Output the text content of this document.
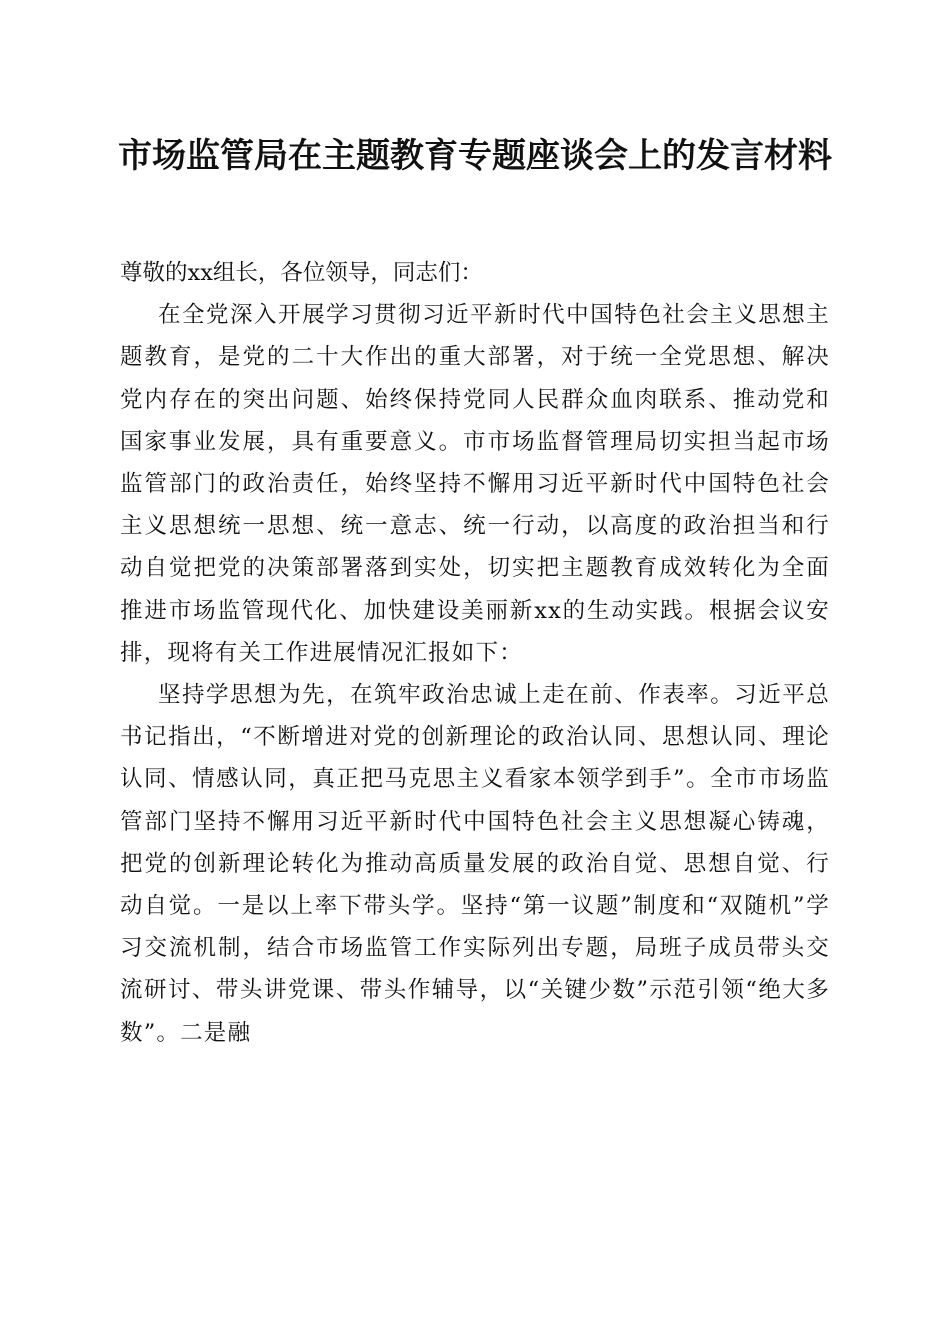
市场监管局在主题教育专题座谈会上的发言材料

尊敬的xx组长，各位领导，同志们：

在全党深入开展学习贯彻习近平新时代中国特色社会主义思想主题教育，是党的二十大作出的重大部署，对于统一全党思想、解决党内存在的突出问题、始终保持党同人民群众血肉联系、推动党和国家事业发展，具有重要意义。市市场监督管理局切实担当起市场监管部门的政治责任，始终坚持不懈用习近平新时代中国特色社会主义思想统一思想、统一意志、统一行动，以高度的政治担当和行动自觉把党的决策部署落到实处，切实把主题教育成效转化为全面推进市场监管现代化、加快建设美丽新xx的生动实践。根据会议安排，现将有关工作进展情况汇报如下：

坚持学思想为先，在筑牢政治忠诚上走在前、作表率。习近平总书记指出，“不断增进对党的创新理论的政治认同、思想认同、理论认同、情感认同，真正把马克思主义看家本领学到手”。全市市场监管部门坚持不懈用习近平新时代中国特色社会主义思想凝心铸魂，把党的创新理论转化为推动高质量发展的政治自觉、思想自觉、行动自觉。一是以上率下带头学。坚持“第一议题”制度和“双随机”学习交流机制，结合市场监管工作实际列出专题，局班子成员带头交流研讨、带头讲党课、带头作辅导，以“关键少数”示范引领“绝大多数”。二是融
